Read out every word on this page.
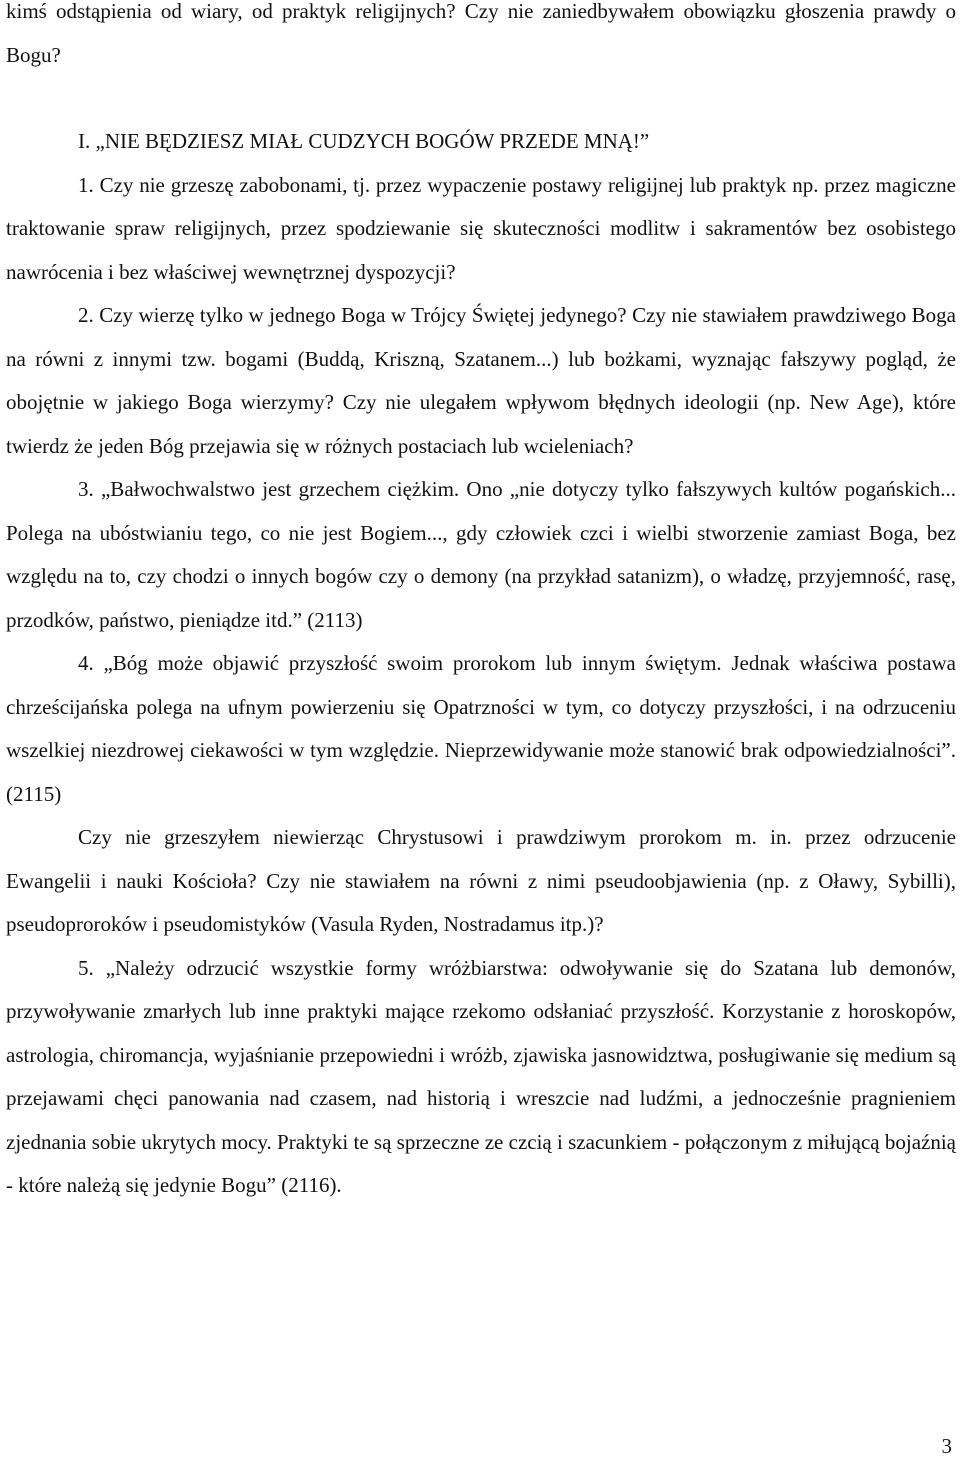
kimś odstąpienia od wiary, od praktyk religijnych? Czy nie zaniedbywałem obowiązku głoszenia prawdy o Bogu?

I. „NIE BĘDZIESZ MIAŁ CUDZYCH BOGÓW PRZEDE MNĄ!”

1. Czy nie grzeszę zabobonami, tj. przez wypaczenie postawy religijnej lub praktyk np. przez magiczne traktowanie spraw religijnych, przez spodziewanie się skuteczności modlitw i sakramentów bez osobistego nawrócenia i bez właściwej wewnętrznej dyspozycji?

2. Czy wierzę tylko w jednego Boga w Trójcy Świętej jedynego? Czy nie stawiałem prawdziwego Boga na równi z innymi tzw. bogami (Buddą, Kriszną, Szatanem...) lub bożkami, wyznając fałszywy pogląd, że obojętnie w jakiego Boga wierzymy? Czy nie ulegałem wpływom błędnych ideologii (np. New Age), które twierdz że jeden Bóg przejawia się w różnych postaciach lub wcieleniach?

3. „Bałwochwalstwo jest grzechem ciężkim. Ono „nie dotyczy tylko fałszywych kultów pogańskich... Polega na ubóstwianiu tego, co nie jest Bogiem..., gdy człowiek czci i wielbi stworzenie zamiast Boga, bez względu na to, czy chodzi o innych bogów czy o demony (na przykład satanizm), o władzę, przyjemność, rasę, przodków, państwo, pieniądze itd.” (2113)

4. „Bóg może objawić przyszłość swoim prorokom lub innym świętym. Jednak właściwa postawa chrześcijańska polega na ufnym powierzeniu się Opatrzności w tym, co dotyczy przyszłości, i na odrzuceniu wszelkiej niezdrowej ciekawości w tym względzie. Nieprzewidywanie może stanowić brak odpowiedzialności”. (2115)

Czy nie grzeszyłem niewierząc Chrystusowi i prawdziwym prorokom m. in. przez odrzucenie Ewangelii i nauki Kościoła? Czy nie stawiałem na równi z nimi pseudoobjawienia (np. z Oławy, Sybilli), pseudoproroków i pseudomistyków (Vasula Ryden, Nostradamus itp.)?

5. „Należy odrzucić wszystkie formy wróżbiarstwa: odwoływanie się do Szatana lub demonów, przywoływanie zmarłych lub inne praktyki mające rzekomo odsłaniać przyszłość. Korzystanie z horoskopów, astrologia, chiromancja, wyjaśnianie przepowiedni i wróżb, zjawiska jasnowidztwa, posługiwanie się medium są przejawami chęci panowania nad czasem, nad historią i wreszcie nad ludźmi, a jednocześnie pragnieniem zjednania sobie ukrytych mocy. Praktyki te są sprzeczne ze czcią i szacunkiem - połączonym z miłującą bojaźnią - które należą się jedynie Bogu” (2116).

3
